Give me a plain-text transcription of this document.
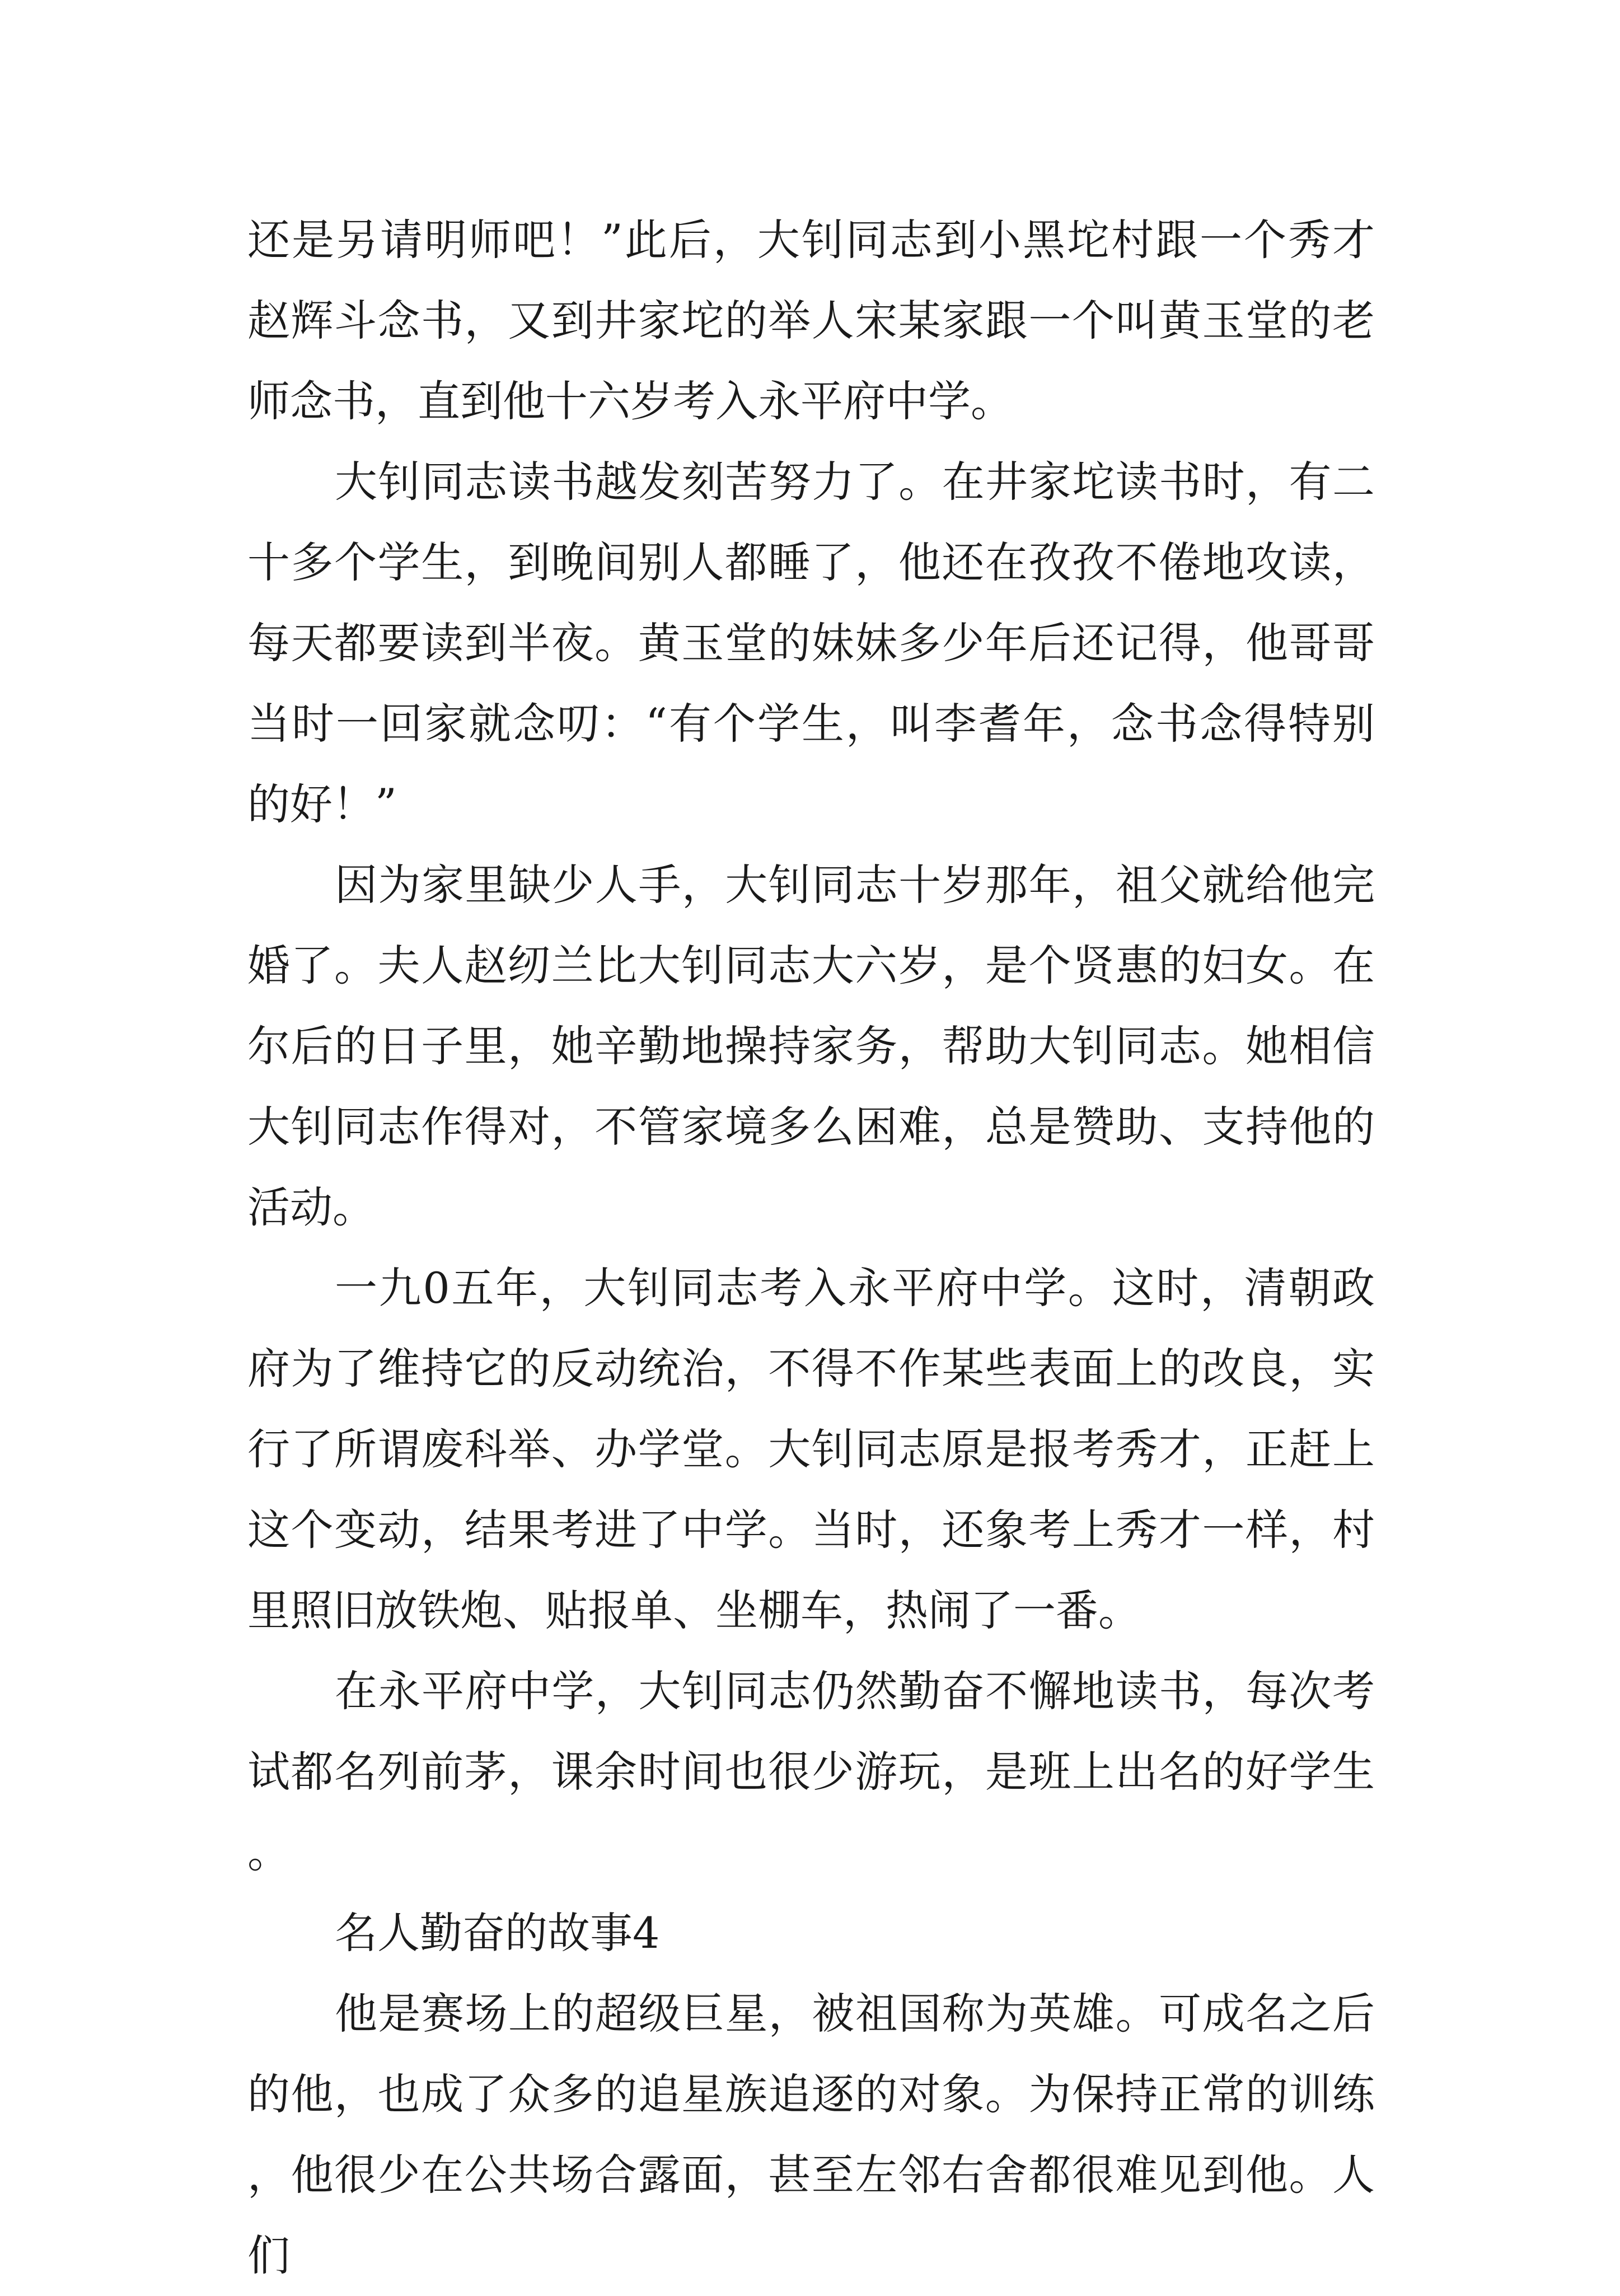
还是另请明师吧！”此后，大钊同志到小黑坨村跟一个秀才赵辉斗念书，又到井家坨的举人宋某家跟一个叫黄玉堂的老师念书，直到他十六岁考入永平府中学。

大钊同志读书越发刻苦努力了。在井家坨读书时，有二十多个学生，到晚间别人都睡了，他还在孜孜不倦地攻读，每天都要读到半夜。黄玉堂的妹妹多少年后还记得，他哥哥当时一回家就念叨：“有个学生，叫李耆年，念书念得特别的好！”

因为家里缺少人手，大钊同志十岁那年，祖父就给他完婚了。夫人赵纫兰比大钊同志大六岁，是个贤惠的妇女。在尔后的日子里，她辛勤地操持家务，帮助大钊同志。她相信大钊同志作得对，不管家境多么困难，总是赞助、支持他的活动。

一九0五年，大钊同志考入永平府中学。这时，清朝政府为了维持它的反动统治，不得不作某些表面上的改良，实行了所谓废科举、办学堂。大钊同志原是报考秀才，正赶上这个变动，结果考进了中学。当时，还象考上秀才一样，村里照旧放铁炮、贴报单、坐棚车，热闹了一番。

在永平府中学，大钊同志仍然勤奋不懈地读书，每次考试都名列前茅，课余时间也很少游玩，是班上出名的好学生。

名人勤奋的故事4

他是赛场上的超级巨星，被祖国称为英雄。可成名之后的他，也成了众多的追星族追逐的对象。为保持正常的训练，他很少在公共场合露面，甚至左邻右舍都很难见到他。人们
